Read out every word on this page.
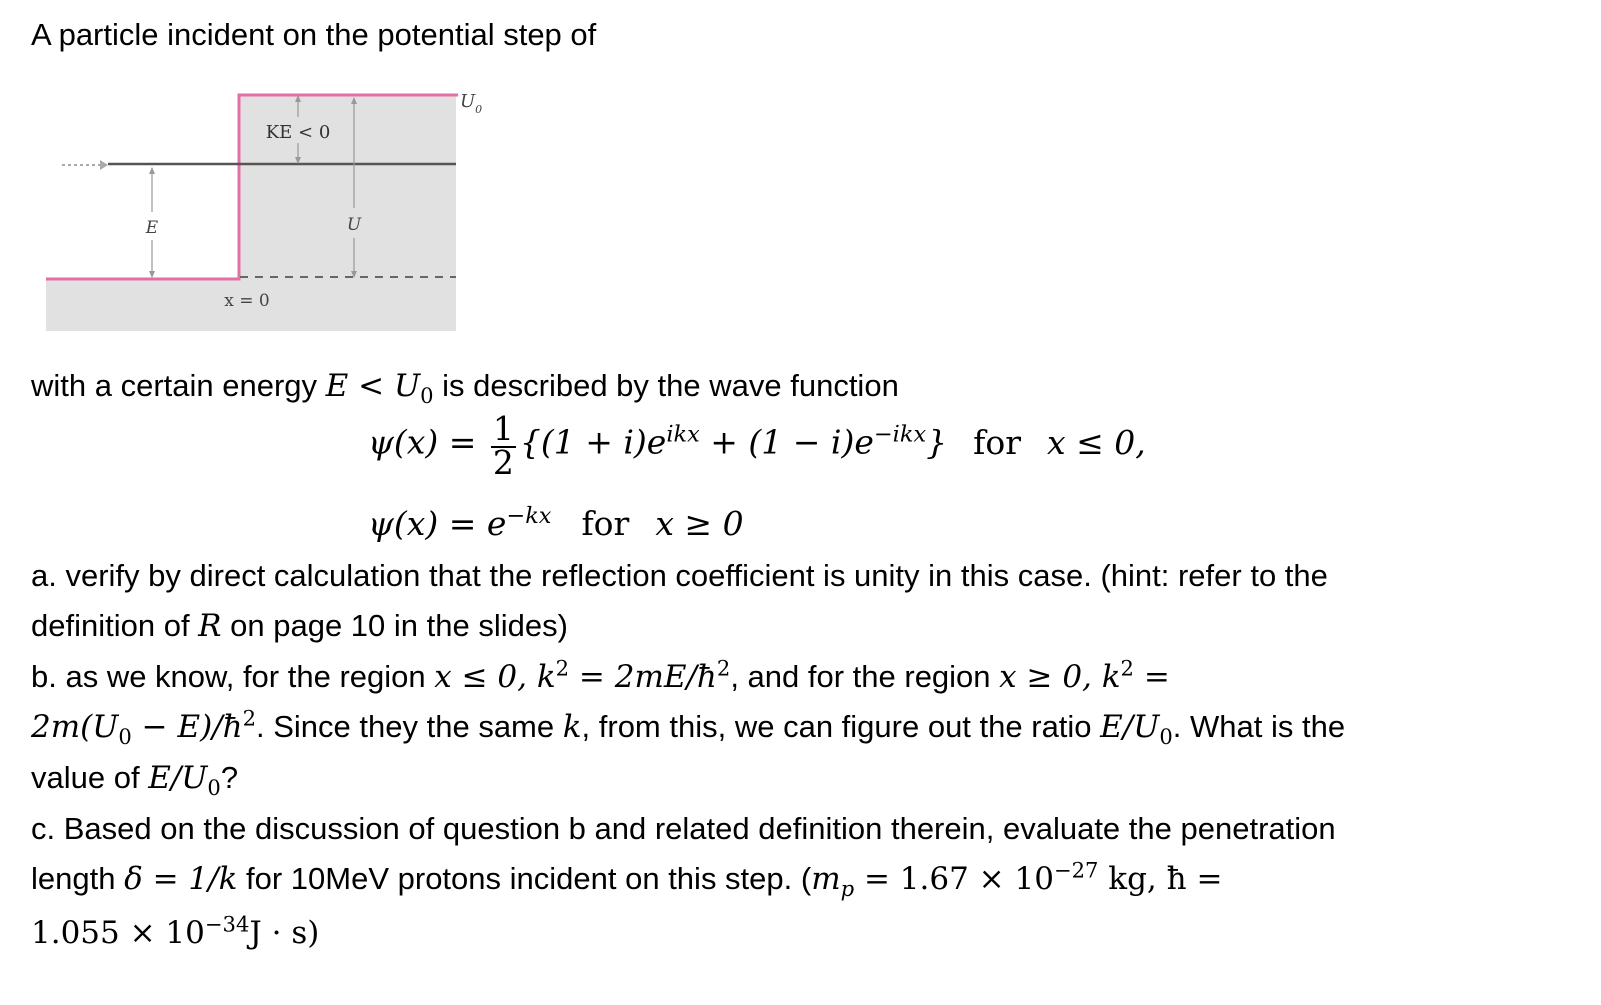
A particle incident on the potential step of
E	U
KE < 0
$U_0$
x = 0
with a certain energy $E < U_0$ is described by the wave function
$\psi(x) = \frac{1}{2} \{(1 + i)e^{ikx} + (1 - i)e^{-ikx}\}$ for x ≤ 0,
$\psi(x) = e^{-kx}$ for x ≥ 0
a. verify by direct calculation that the reflection coefficient is unity in this case. (hint: refer to the
definition of R on page 10 in the slides)
b. as we know, for the region x ≤ 0, $k^2$ = $2mE/ħ^2$, and for the region x ≥ 0, $k^2$ =
$2m(U_0$ − $E)/ħ^2$. Since they the same k, from this, we can figure out the ratio $E/U_0$. What is the
value of $E/U_0$?
c. Based on the discussion of question b and related definition therein, evaluate the penetration
length δ = 1/k for 10MeV protons incident on this step. ($m_p = 1.67 \times 10^{-27}$ kg, ħ =
$1.055 \times 10^{-34}J \cdot s$)
